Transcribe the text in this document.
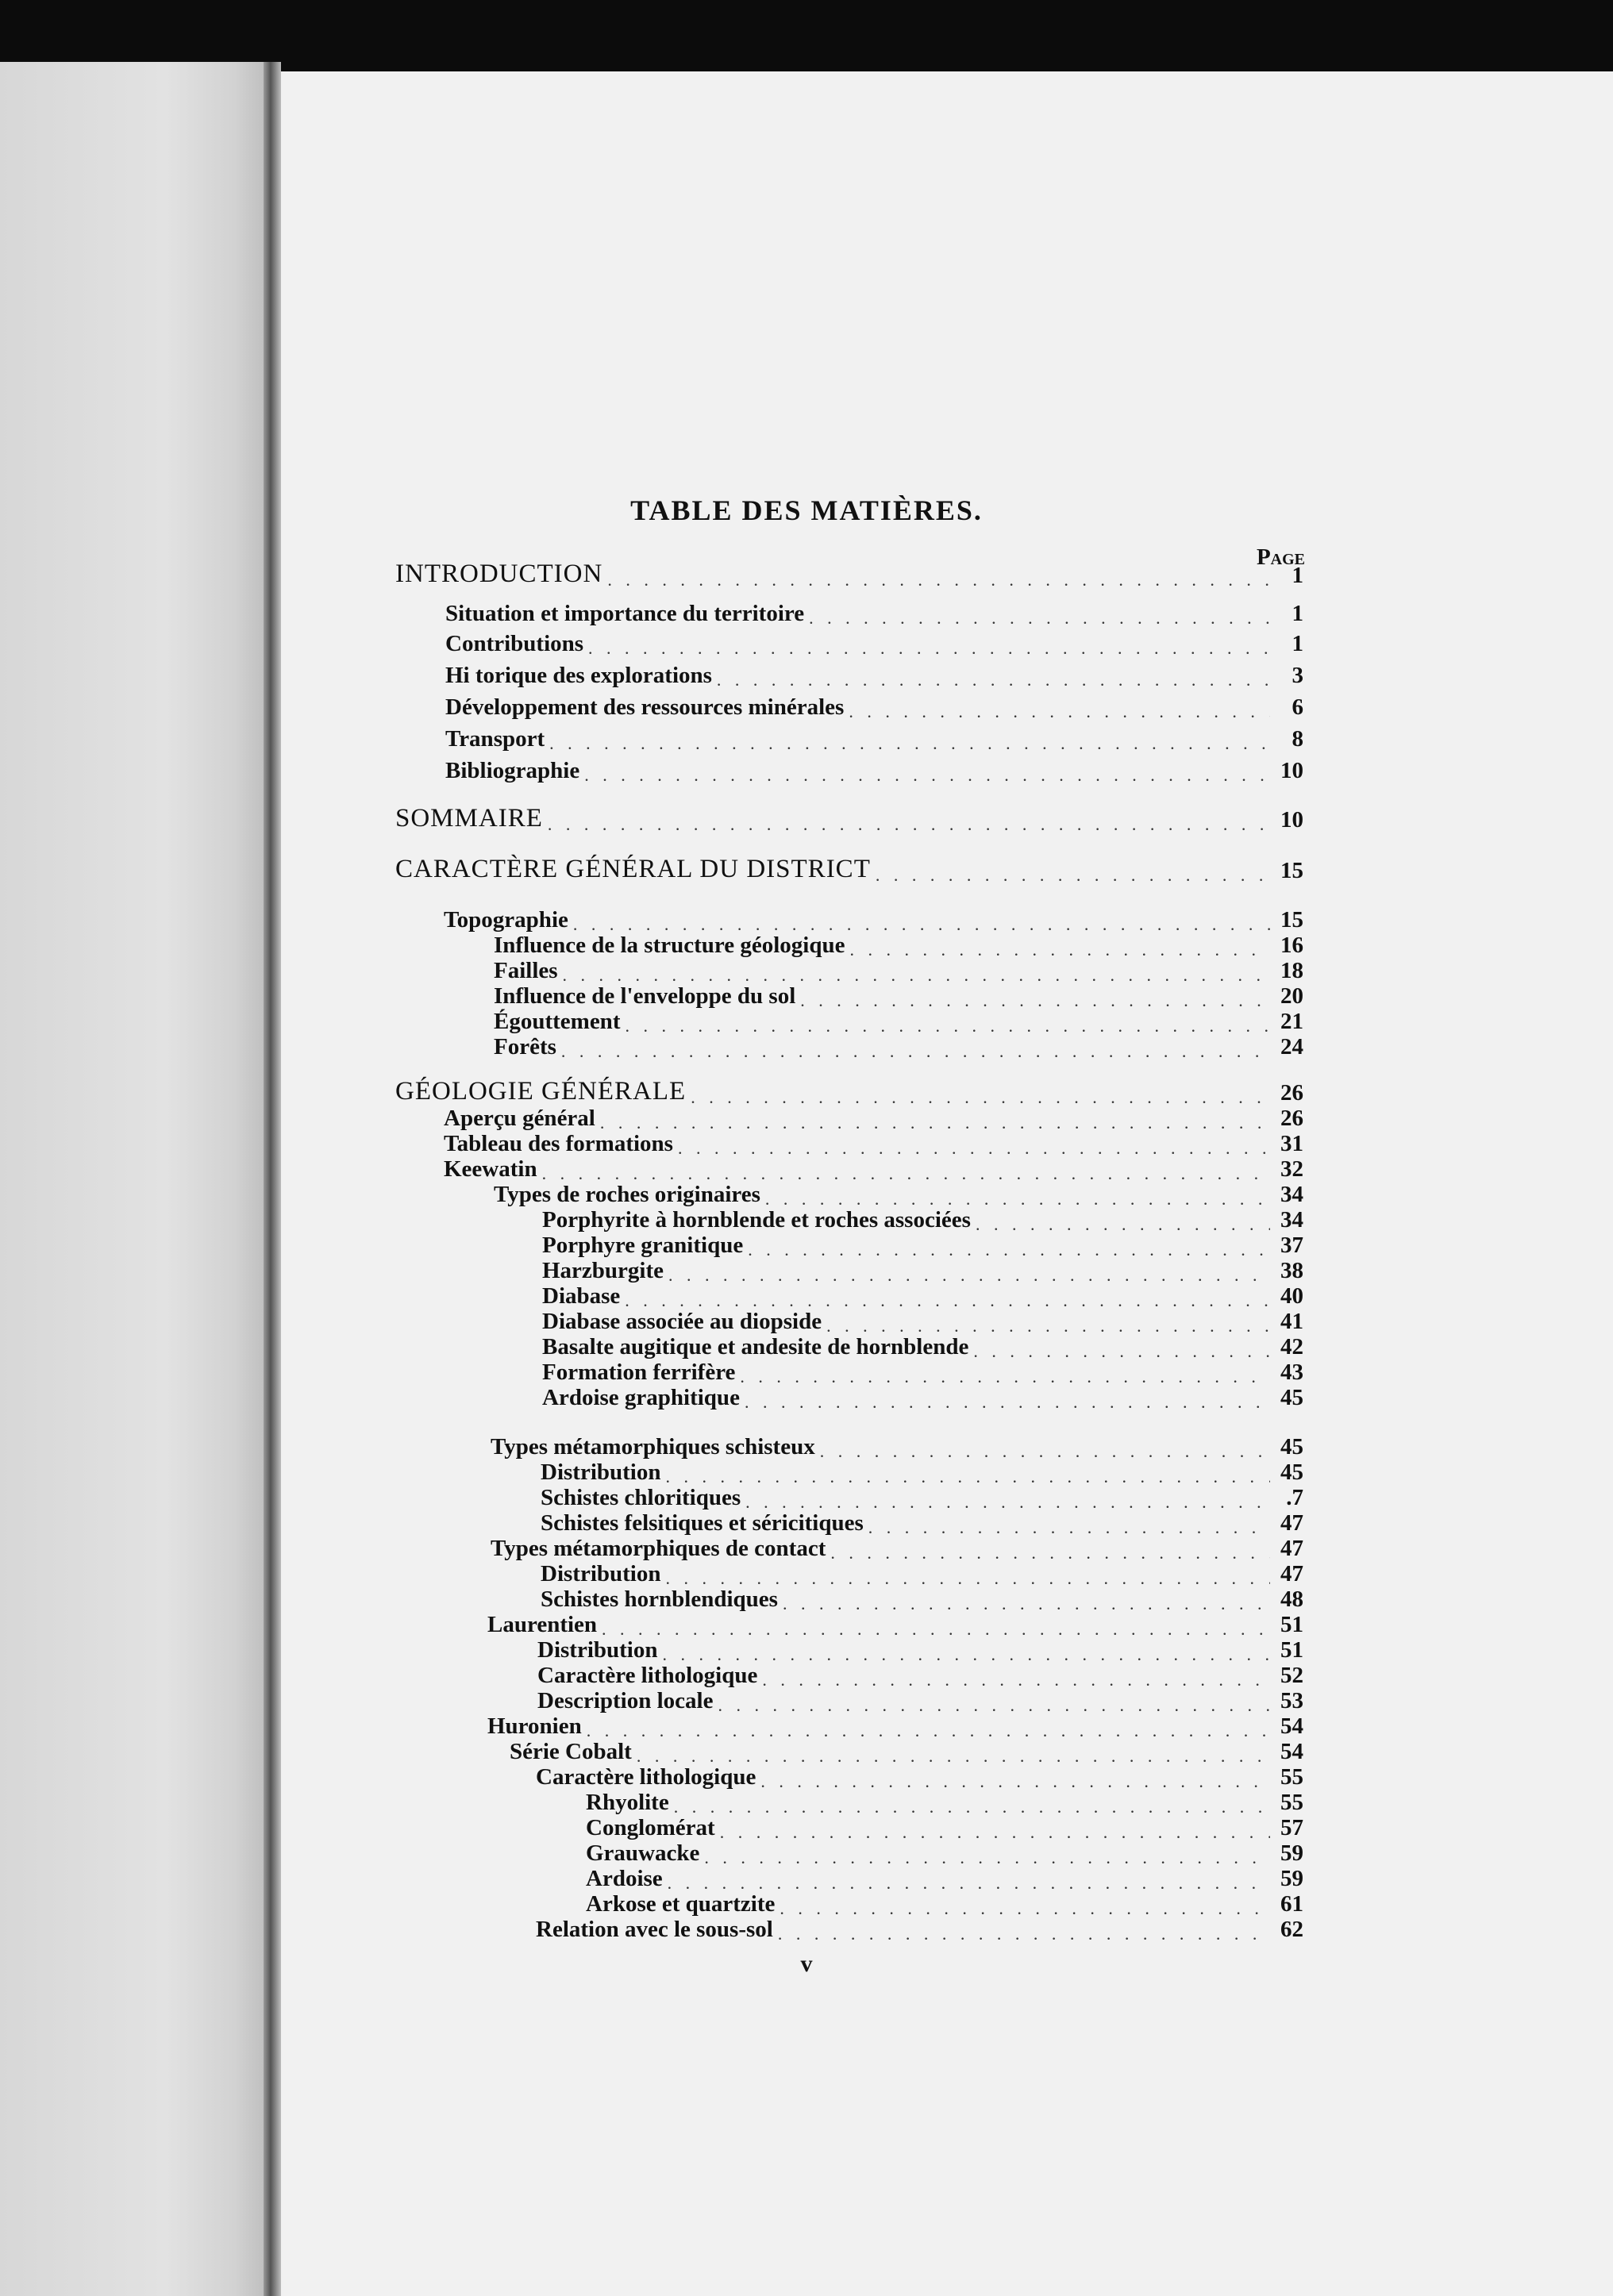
TABLE DES MATIÈRES.
Page
INTRODUCTION . . .	1
Situation et importance du territoire . . .	1
Contributions . . .	1
Hi torique des explorations . . .	3
Développement des ressources minérales . . .	6
Transport . . .	8
Bibliographie . . .	10
SOMMAIRE . . .	10
CARACTÈRE GÉNÉRAL DU DISTRICT . . .	15
Topographie . . .	15
Influence de la structure géologique . . .	16
Failles . . .	18
Influence de l'enveloppe du sol . . .	20
Égouttement . . .	21
Forêts . . .	24
GÉOLOGIE GÉNÉRALE . . .	26
Aperçu général . . .	26
Tableau des formations . . .	31
Keewatin . . .	32
Types de roches originaires . . .	34
Porphyrite à hornblende et roches associées . . .	34
Porphyre granitique . . .	37
Harzburgite . . .	38
Diabase . . .	40
Diabase associée au diopside . . .	41
Basalte augitique et andesite de hornblende . . .	42
Formation ferrifère . . .	43
Ardoise graphitique . . .	45
Types métamorphiques schisteux . . .	45
Distribution . . .	45
Schistes chloritiques . . .	.7
Schistes felsitiques et séricitiques . . .	47
Types métamorphiques de contact . . .	47
Distribution . . .	47
Schistes hornblendiques . . .	48
Laurentien . . .	51
Distribution . . .	51
Caractère lithologique . . .	52
Description locale . . .	53
Huronien . . .	54
Série Cobalt . . .	54
Caractère lithologique . . .	55
Rhyolite . . .	55
Conglomérat . . .	57
Grauwacke . . .	59
Ardoise . . .	59
Arkose et quartzite . . .	61
Relation avec le sous-sol . . .	62
v
